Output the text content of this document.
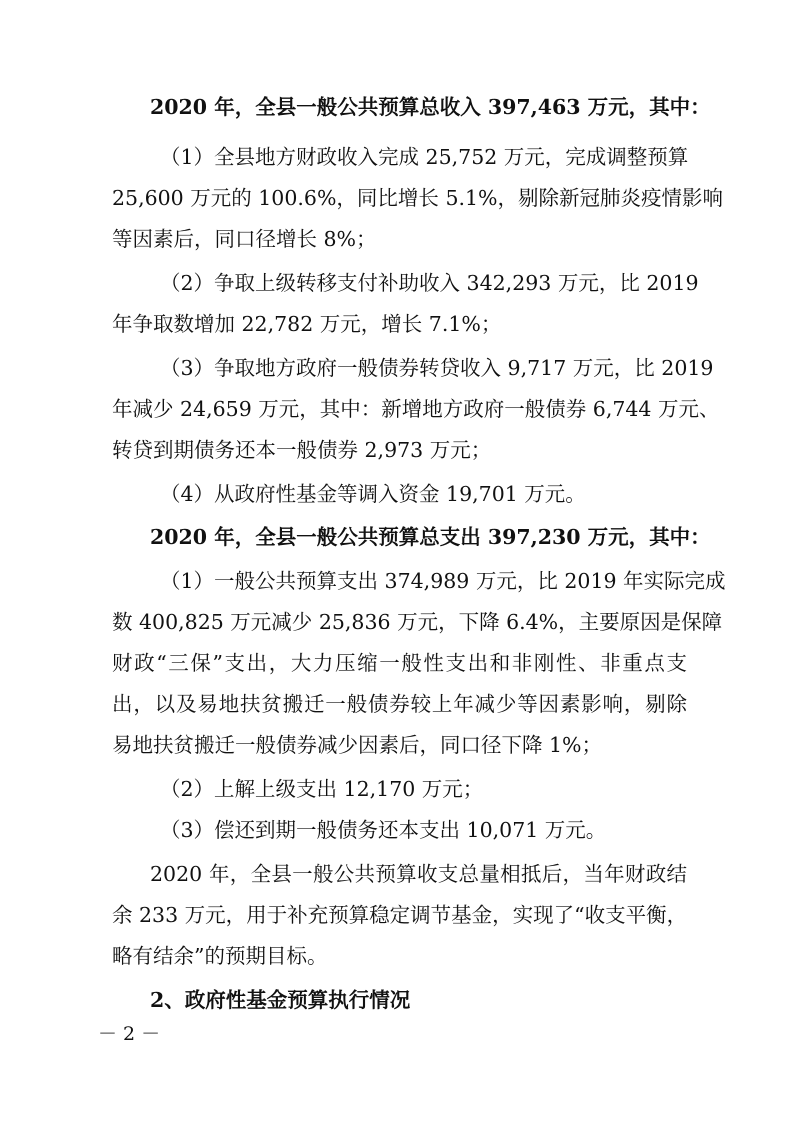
2020 年，全县一般公共预算总收入 397,463 万元，其中：
（1）全县地方财政收入完成 25,752 万元，完成调整预算
25,600 万元的 100.6%，同比增长 5.1%，剔除新冠肺炎疫情影响
等因素后，同口径增长 8%；
（2）争取上级转移支付补助收入 342,293 万元，比 2019
年争取数增加 22,782 万元，增长 7.1%；
（3）争取地方政府一般债券转贷收入 9,717 万元，比 2019
年减少 24,659 万元，其中：新增地方政府一般债券 6,744 万元、
转贷到期债务还本一般债券 2,973 万元；
（4）从政府性基金等调入资金 19,701 万元。
2020 年，全县一般公共预算总支出 397,230 万元，其中：
（1）一般公共预算支出 374,989 万元，比 2019 年实际完成
数 400,825 万元减少 25,836 万元，下降 6.4%，主要原因是保障
财政“三保”支出，大力压缩一般性支出和非刚性、非重点支
出，以及易地扶贫搬迁一般债券较上年减少等因素影响，剔除
易地扶贫搬迁一般债券减少因素后，同口径下降 1%；
（2）上解上级支出 12,170 万元；
（3）偿还到期一般债务还本支出 10,071 万元。
2020 年，全县一般公共预算收支总量相抵后，当年财政结
余 233 万元，用于补充预算稳定调节基金，实现了“收支平衡，
略有结余”的预期目标。
2、政府性基金预算执行情况
－ 2 －
